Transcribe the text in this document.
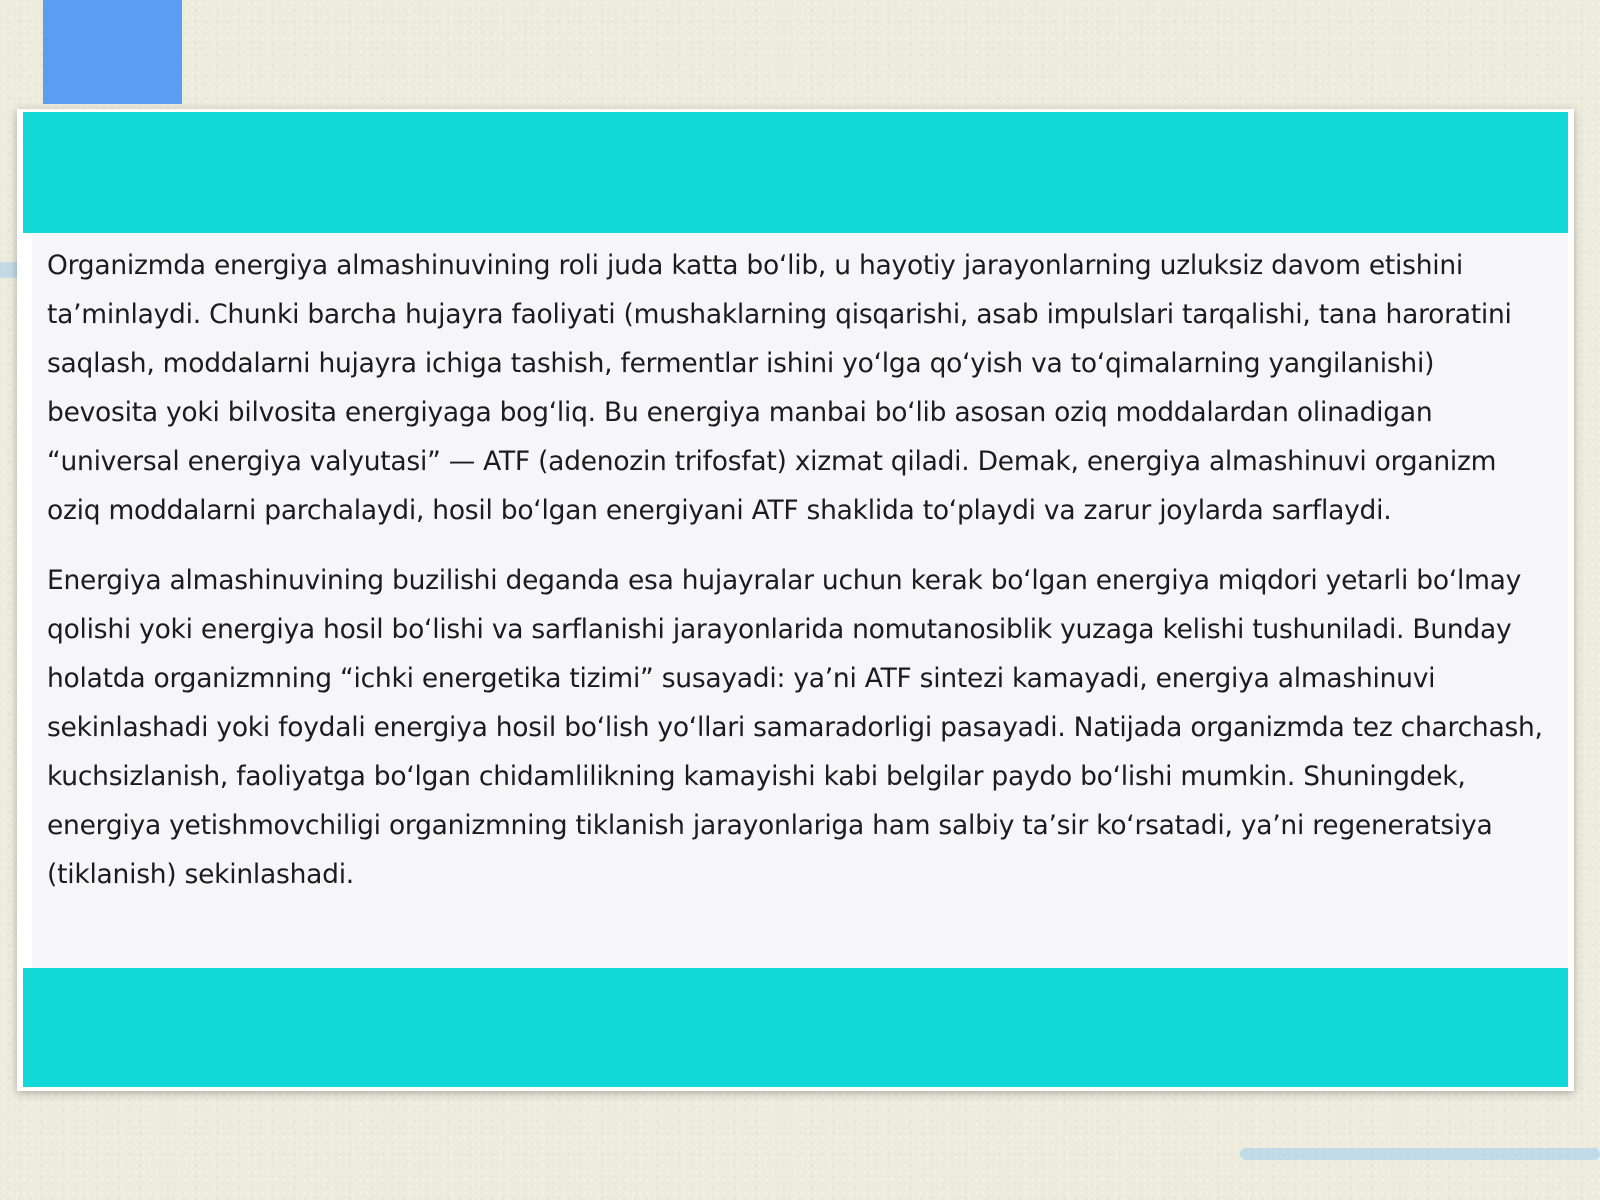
Organizmda energiya almashinuvining roli juda katta bo‘lib, u hayotiy jarayonlarning uzluksiz davom etishini ta’minlaydi. Chunki barcha hujayra faoliyati (mushaklarning qisqarishi, asab impulslari tarqalishi, tana haroratini saqlash, moddalarni hujayra ichiga tashish, fermentlar ishini yo‘lga qo‘yish va to‘qimalarning yangilanishi) bevosita yoki bilvosita energiyaga bog‘liq. Bu energiya manbai bo‘lib asosan oziq moddalardan olinadigan “universal energiya valyutasi” — ATF (adenozin trifosfat) xizmat qiladi. Demak, energiya almashinuvi organizm oziq moddalarni parchalaydi, hosil bo‘lgan energiyani ATF shaklida to‘playdi va zarur joylarda sarflaydi.

Energiya almashinuvining buzilishi deganda esa hujayralar uchun kerak bo‘lgan energiya miqdori yetarli bo‘lmay qolishi yoki energiya hosil bo‘lishi va sarflanishi jarayonlarida nomutanosiblik yuzaga kelishi tushuniladi. Bunday holatda organizmning “ichki energetika tizimi” susayadi: ya’ni ATF sintezi kamayadi, energiya almashinuvi sekinlashadi yoki foydali energiya hosil bo‘lish yo‘llari samaradorligi pasayadi. Natijada organizmda tez charchash, kuchsizlanish, faoliyatga bo‘lgan chidamlilikning kamayishi kabi belgilar paydo bo‘lishi mumkin. Shuningdek, energiya yetishmovchiligi organizmning tiklanish jarayonlariga ham salbiy ta’sir ko‘rsatadi, ya’ni regeneratsiya (tiklanish) sekinlashadi.
